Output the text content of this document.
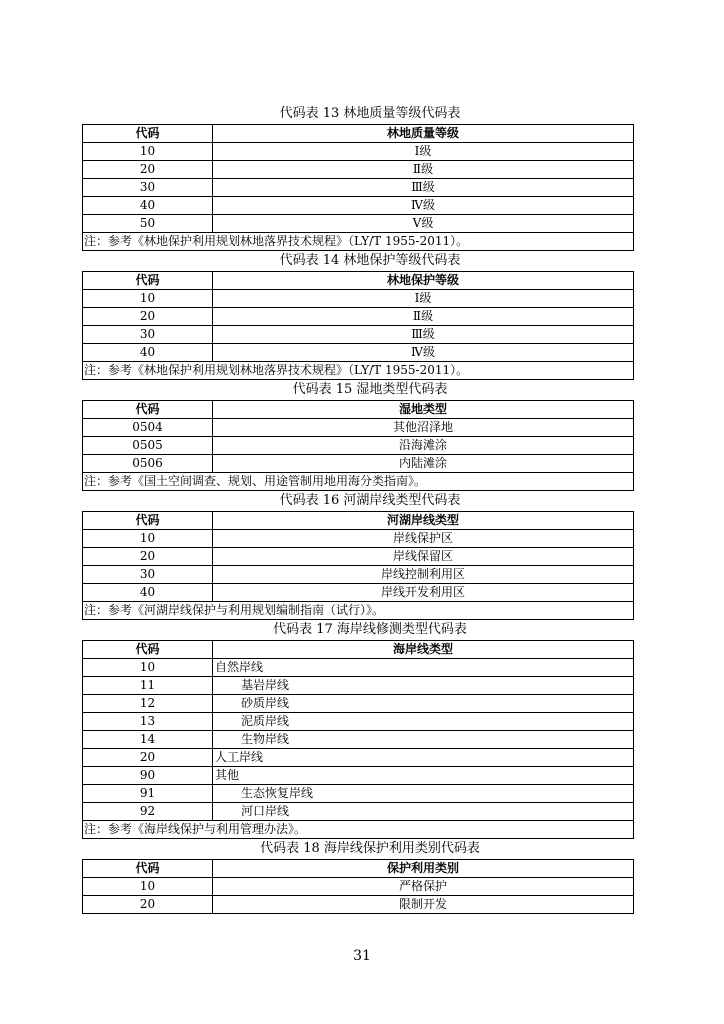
代码表 13 林地质量等级代码表
代码	林地质量等级
10	Ⅰ级
20	Ⅱ级
30	Ⅲ级
40	Ⅳ级
50	Ⅴ级
注：参考《林地保护利用规划林地落界技术规程》（LY/T 1955-2011）。	
代码表 14 林地保护等级代码表
代码	林地保护等级
10	Ⅰ级
20	Ⅱ级
30	Ⅲ级
40	Ⅳ级
注：参考《林地保护利用规划林地落界技术规程》（LY/T 1955-2011）。	
代码表 15 湿地类型代码表
代码	湿地类型
0504	其他沼泽地
0505	沿海滩涂
0506	内陆滩涂
注：参考《国土空间调查、规划、用途管制用地用海分类指南》。	
代码表 16 河湖岸线类型代码表
代码	河湖岸线类型
10	岸线保护区
20	岸线保留区
30	岸线控制利用区
40	岸线开发利用区
注：参考《河湖岸线保护与利用规划编制指南（试行）》。	
代码表 17 海岸线修测类型代码表
代码	海岸线类型
10	自然岸线
11	基岩岸线
12	砂质岸线
13	泥质岸线
14	生物岸线
20	人工岸线
90	其他
91	生态恢复岸线
92	河口岸线
注：参考《海岸线保护与利用管理办法》。	
代码表 18 海岸线保护利用类别代码表
代码	保护利用类别
10	严格保护
20	限制开发
31
